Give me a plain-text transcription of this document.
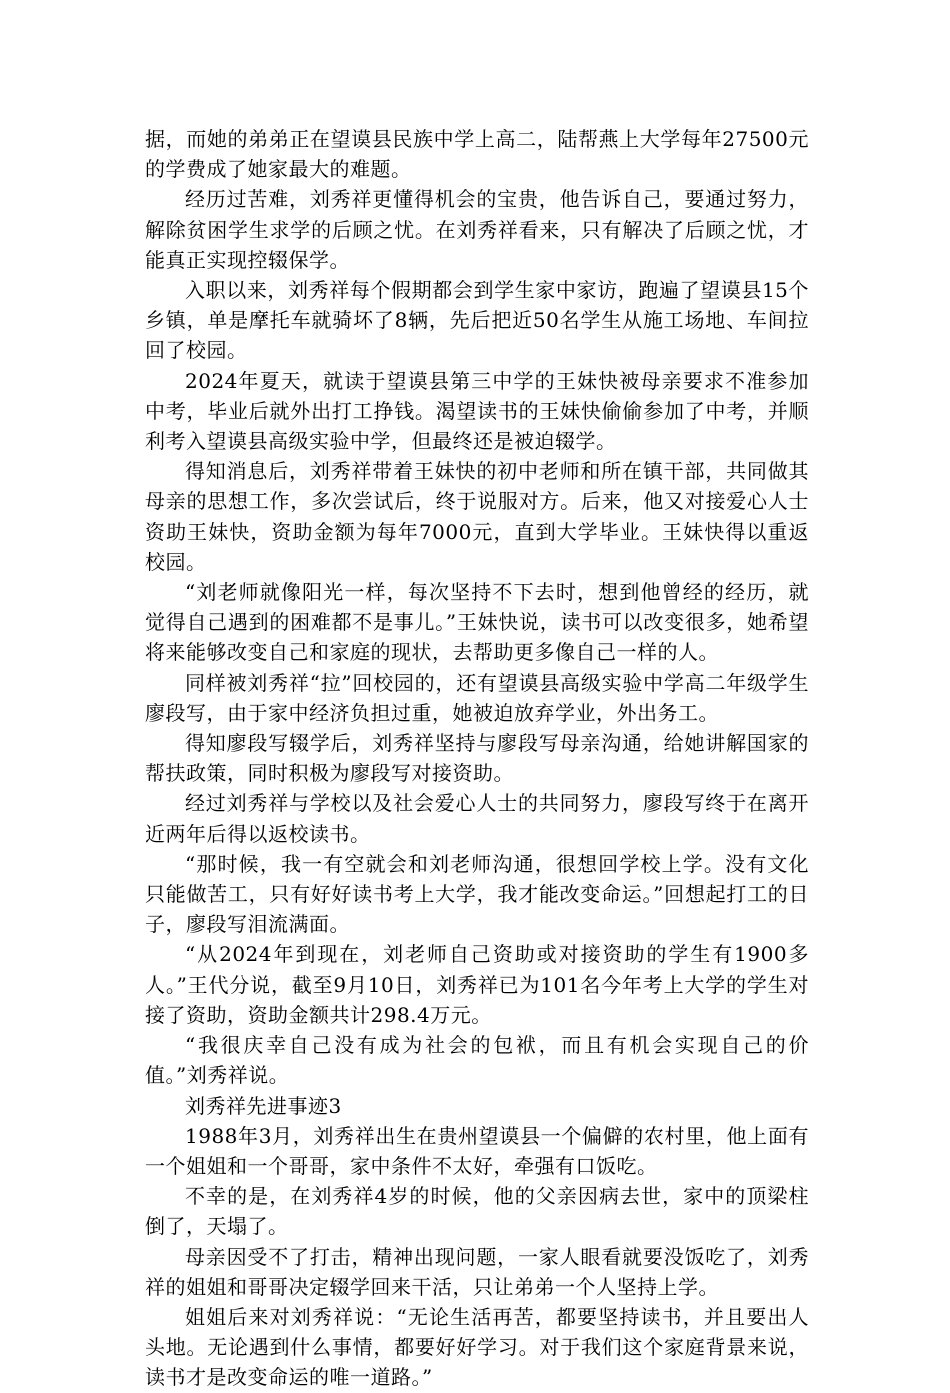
据，而她的弟弟正在望谟县民族中学上高二，陆帮燕上大学每年27500元的学费成了她家最大的难题。

经历过苦难，刘秀祥更懂得机会的宝贵，他告诉自己，要通过努力，解除贫困学生求学的后顾之忧。在刘秀祥看来，只有解决了后顾之忧，才能真正实现控辍保学。

入职以来，刘秀祥每个假期都会到学生家中家访，跑遍了望谟县15个乡镇，单是摩托车就骑坏了8辆，先后把近50名学生从施工场地、车间拉回了校园。

2024年夏天，就读于望谟县第三中学的王妹快被母亲要求不准参加中考，毕业后就外出打工挣钱。渴望读书的王妹快偷偷参加了中考，并顺利考入望谟县高级实验中学，但最终还是被迫辍学。

得知消息后，刘秀祥带着王妹快的初中老师和所在镇干部，共同做其母亲的思想工作，多次尝试后，终于说服对方。后来，他又对接爱心人士资助王妹快，资助金额为每年7000元，直到大学毕业。王妹快得以重返校园。

“刘老师就像阳光一样，每次坚持不下去时，想到他曾经的经历，就觉得自己遇到的困难都不是事儿。”王妹快说，读书可以改变很多，她希望将来能够改变自己和家庭的现状，去帮助更多像自己一样的人。

同样被刘秀祥“拉”回校园的，还有望谟县高级实验中学高二年级学生廖段写，由于家中经济负担过重，她被迫放弃学业，外出务工。

得知廖段写辍学后，刘秀祥坚持与廖段写母亲沟通，给她讲解国家的帮扶政策，同时积极为廖段写对接资助。

经过刘秀祥与学校以及社会爱心人士的共同努力，廖段写终于在离开近两年后得以返校读书。

“那时候，我一有空就会和刘老师沟通，很想回学校上学。没有文化只能做苦工，只有好好读书考上大学，我才能改变命运。”回想起打工的日子，廖段写泪流满面。

“从2024年到现在，刘老师自己资助或对接资助的学生有1900多人。”王代分说，截至9月10日，刘秀祥已为101名今年考上大学的学生对接了资助，资助金额共计298.4万元。

“我很庆幸自己没有成为社会的包袱，而且有机会实现自己的价值。”刘秀祥说。

刘秀祥先进事迹3

1988年3月，刘秀祥出生在贵州望谟县一个偏僻的农村里，他上面有一个姐姐和一个哥哥，家中条件不太好，牵强有口饭吃。

不幸的是，在刘秀祥4岁的时候，他的父亲因病去世，家中的顶梁柱倒了，天塌了。

母亲因受不了打击，精神出现问题，一家人眼看就要没饭吃了，刘秀祥的姐姐和哥哥决定辍学回来干活，只让弟弟一个人坚持上学。

姐姐后来对刘秀祥说：“无论生活再苦，都要坚持读书，并且要出人头地。无论遇到什么事情，都要好好学习。对于我们这个家庭背景来说，读书才是改变命运的唯一道路。”
